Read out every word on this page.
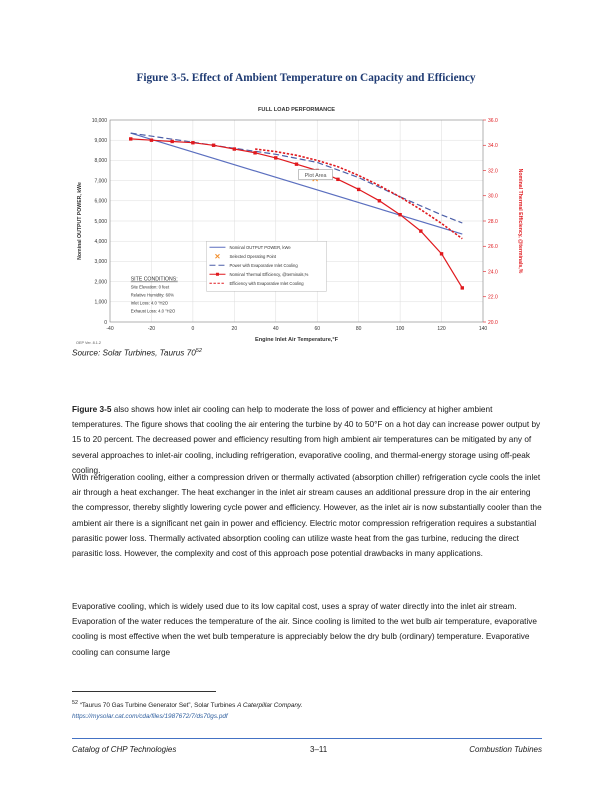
Figure 3-5. Effect of Ambient Temperature on Capacity and Efficiency
FULL LOAD PERFORMANCE
0
1,000
2,000
3,000
4,000
5,000
6,000
7,000
8,000
9,000
10,000
20.0
22.0
24.0
26.0
28.0
30.0
32.0
34.0
36.0
-40	-20	0	20	40	60	80	100	120	140
Engine Inlet Air Temperature,°F
Nominal OUTPUT POWER, kWe	Nominal Thermal Efficiency, @terminals,%
Plot Area
Nominal OUTPUT POWER, kWe
Selected Operating Point
Power with Evaporative Inlet Cooling
Nominal Thermal Efficiency, @terminals,%
Efficiency with Evaporative Inlet Cooling
SITE CONDITIONS:
Site Elevation: 0 feet
Relative Humidity: 60%
Inlet Loss: 4.0 "H2O
Exhaust Loss: 4.0 "H2O
OEP Ver. 8.1.2
Source: Solar Turbines, Taurus $70^{52}$

Figure 3-5 also shows how inlet air cooling can help to moderate the loss of power and efficiency at higher ambient temperatures. The figure shows that cooling the air entering the turbine by 40 to 50°F on a hot day can increase power output by 15 to 20 percent. The decreased power and efficiency resulting from high ambient air temperatures can be mitigated by any of several approaches to inlet-air cooling, including refrigeration, evaporative cooling, and thermal-energy storage using off-peak cooling.

With refrigeration cooling, either a compression driven or thermally activated (absorption chiller) refrigeration cycle cools the inlet air through a heat exchanger. The heat exchanger in the inlet air stream causes an additional pressure drop in the air entering the compressor, thereby slightly lowering cycle power and efficiency. However, as the inlet air is now substantially cooler than the ambient air there is a significant net gain in power and efficiency. Electric motor compression refrigeration requires a substantial parasitic power loss. Thermally activated absorption cooling can utilize waste heat from the gas turbine, reducing the direct parasitic loss. However, the complexity and cost of this approach pose potential drawbacks in many applications.

Evaporative cooling, which is widely used due to its low capital cost, uses a spray of water directly into the inlet air stream. Evaporation of the water reduces the temperature of the air. Since cooling is limited to the wet bulb air temperature, evaporative cooling is most effective when the wet bulb temperature is appreciably below the dry bulb (ordinary) temperature. Evaporative cooling can consume large

$^{52}$ “Taurus 70 Gas Turbine Generator Set”, Solar Turbines A Caterpillar Company.
https://mysolar.cat.com/cda/files/1987672/7/ds70gs.pdf
Catalog of CHP Technologies	3–11	Combustion Tubines
